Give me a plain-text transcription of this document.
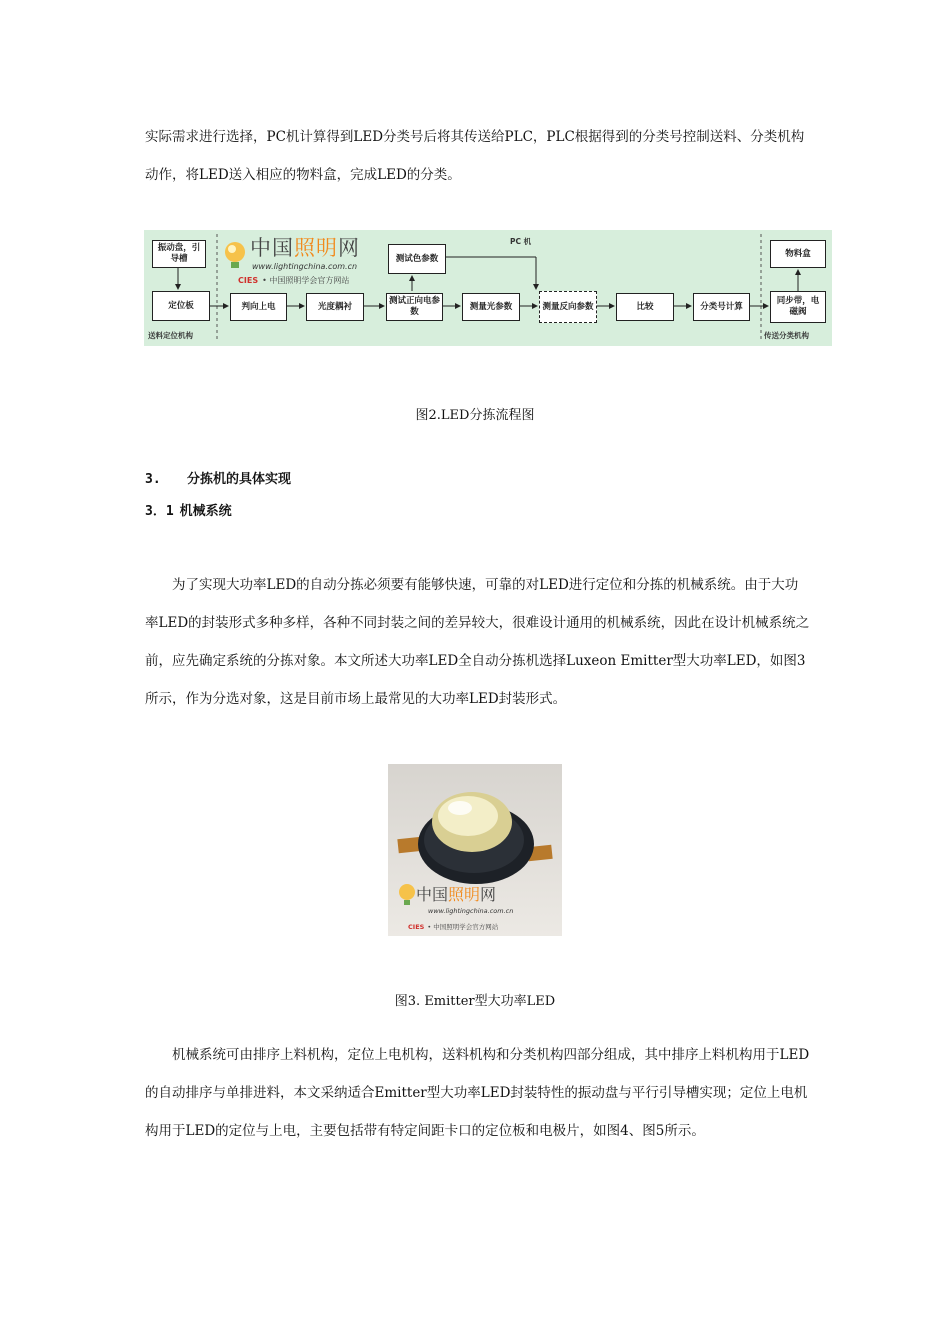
实际需求进行选择，PC机计算得到LED分类号后将其传送给PLC，PLC根据得到的分类号控制送料、分类机构动作，将LED送入相应的物料盒，完成LED的分类。

中国照明网
www.lightingchina.com.cn
CIES • 中国照明学会官方网站
PC 机
振动盘，引导槽
定位板	判向上电	光度耦衬
测试正向电参数
测量光参数	测量反向参数
测试色参数
比较	分类号计算
同步带，电磁阀
物料盒
送料定位机构	传送分类机构
图2.LED分拣流程图
3. 分拣机的具体实现
3．1 机械系统

为了实现大功率LED的自动分拣必须要有能够快速，可靠的对LED进行定位和分拣的机械系统。由于大功率LED的封装形式多种多样，各种不同封装之间的差异较大，很难设计通用的机械系统，因此在设计机械系统之前，应先确定系统的分拣对象。本文所述大功率LED全自动分拣机选择Luxeon Emitter型大功率LED，如图3所示，作为分选对象，这是目前市场上最常见的大功率LED封装形式。

中国照明网
www.lightingchina.com.cn
CIES • 中国照明学会官方网站
图3. Emitter型大功率LED

机械系统可由排序上料机构，定位上电机构，送料机构和分类机构四部分组成，其中排序上料机构用于LED的自动排序与单排进料，本文采纳适合Emitter型大功率LED封装特性的振动盘与平行引导槽实现；定位上电机构用于LED的定位与上电，主要包括带有特定间距卡口的定位板和电极片，如图4、图5所示。
